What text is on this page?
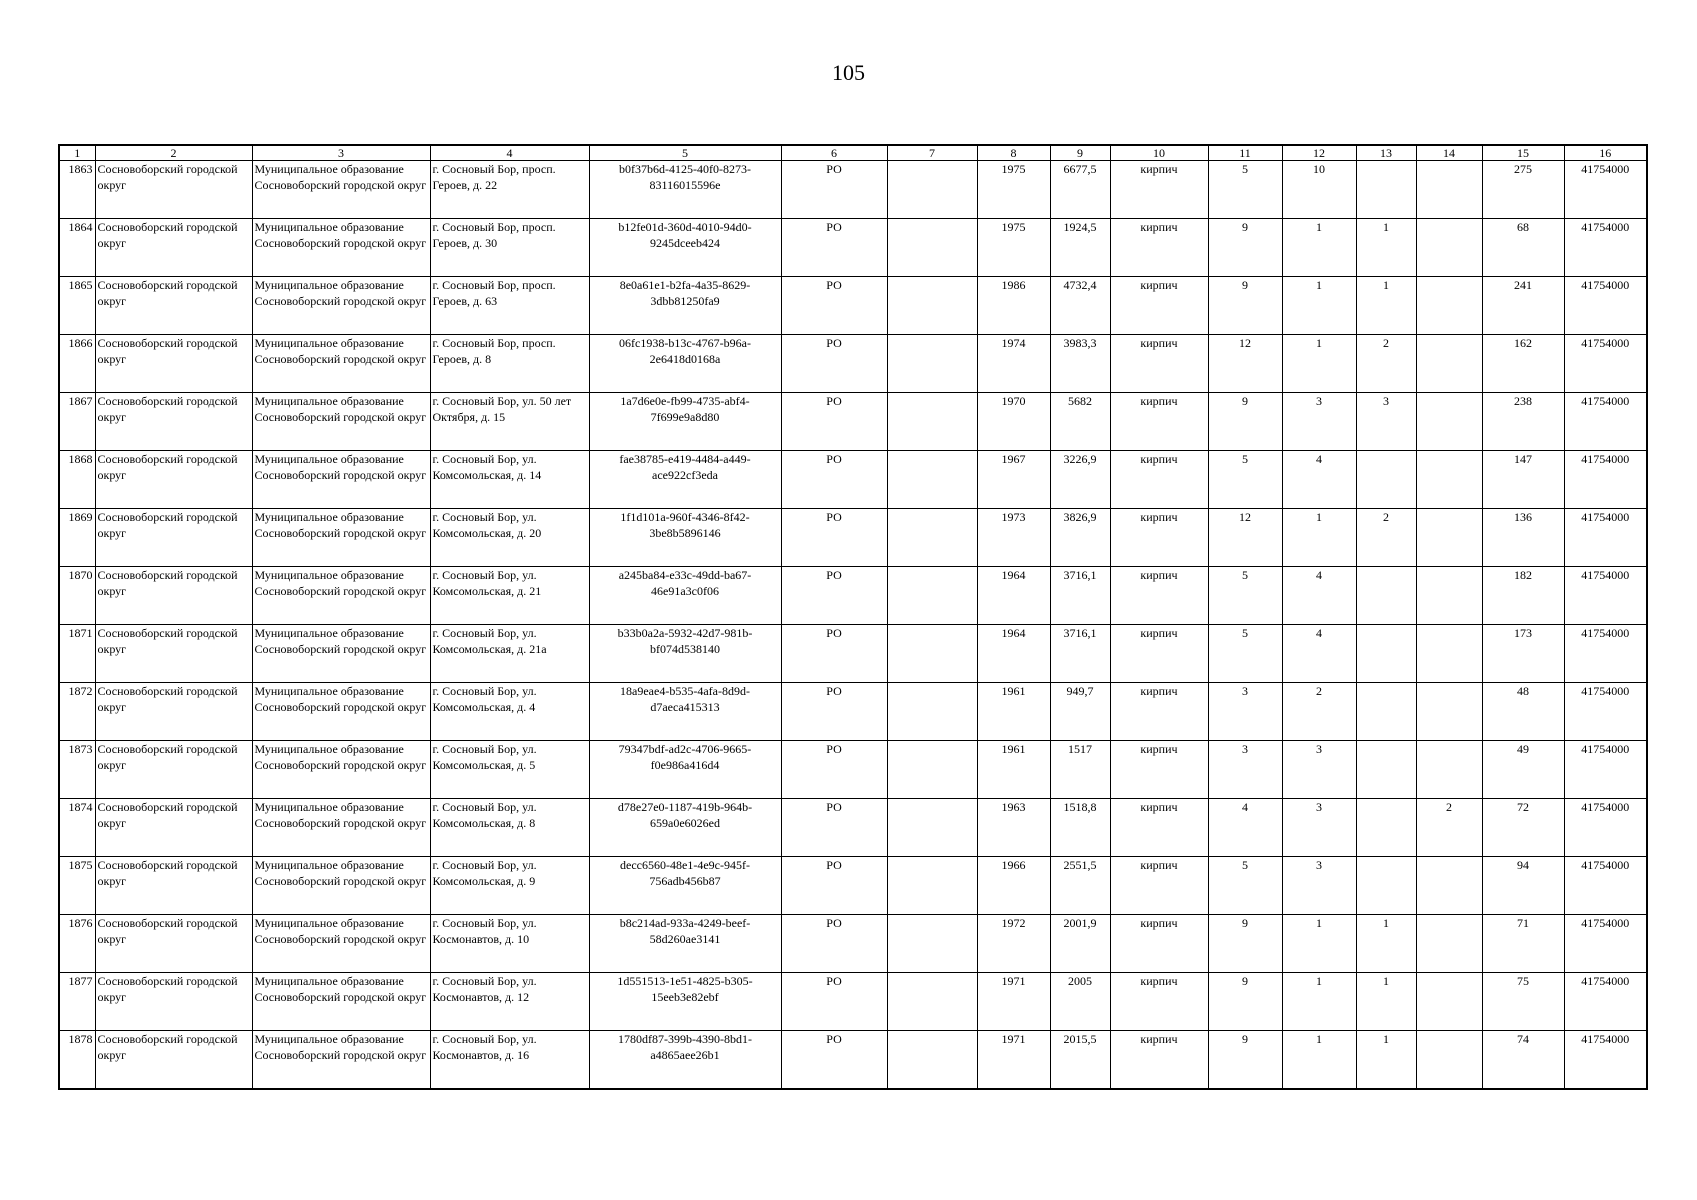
105
1	2	3	4	5	6	7	8	9	10	11	12	13	14	15	16
1863	Сосновоборский городской округ	Муниципальное образование Сосновоборский городской округ	г. Сосновый Бор, просп. Героев, д. 22	b0f37b6d-4125-40f0-8273-83116015596e	РО		1975	6677,5	кирпич	5	10			275	41754000
1864	Сосновоборский городской округ	Муниципальное образование Сосновоборский городской округ	г. Сосновый Бор, просп. Героев, д. 30	b12fe01d-360d-4010-94d0-9245dceeb424	РО		1975	1924,5	кирпич	9	1	1		68	41754000
1865	Сосновоборский городской округ	Муниципальное образование Сосновоборский городской округ	г. Сосновый Бор, просп. Героев, д. 63	8e0a61e1-b2fa-4a35-8629-3dbb81250fa9	РО		1986	4732,4	кирпич	9	1	1		241	41754000
1866	Сосновоборский городской округ	Муниципальное образование Сосновоборский городской округ	г. Сосновый Бор, просп. Героев, д. 8	06fc1938-b13c-4767-b96a-2e6418d0168a	РО		1974	3983,3	кирпич	12	1	2		162	41754000
1867	Сосновоборский городской округ	Муниципальное образование Сосновоборский городской округ	г. Сосновый Бор, ул. 50 лет Октября, д. 15	1a7d6e0e-fb99-4735-abf4-7f699e9a8d80	РО		1970	5682	кирпич	9	3	3		238	41754000
1868	Сосновоборский городской округ	Муниципальное образование Сосновоборский городской округ	г. Сосновый Бор, ул. Комсомольская, д. 14	fae38785-e419-4484-a449-ace922cf3eda	РО		1967	3226,9	кирпич	5	4			147	41754000
1869	Сосновоборский городской округ	Муниципальное образование Сосновоборский городской округ	г. Сосновый Бор, ул. Комсомольская, д. 20	1f1d101a-960f-4346-8f42-3be8b5896146	РО		1973	3826,9	кирпич	12	1	2		136	41754000
1870	Сосновоборский городской округ	Муниципальное образование Сосновоборский городской округ	г. Сосновый Бор, ул. Комсомольская, д. 21	a245ba84-e33c-49dd-ba67-46e91a3c0f06	РО		1964	3716,1	кирпич	5	4			182	41754000
1871	Сосновоборский городской округ	Муниципальное образование Сосновоборский городской округ	г. Сосновый Бор, ул. Комсомольская, д. 21а	b33b0a2a-5932-42d7-981b-bf074d538140	РО		1964	3716,1	кирпич	5	4			173	41754000
1872	Сосновоборский городской округ	Муниципальное образование Сосновоборский городской округ	г. Сосновый Бор, ул. Комсомольская, д. 4	18a9eae4-b535-4afa-8d9d-d7aeca415313	РО		1961	949,7	кирпич	3	2			48	41754000
1873	Сосновоборский городской округ	Муниципальное образование Сосновоборский городской округ	г. Сосновый Бор, ул. Комсомольская, д. 5	79347bdf-ad2c-4706-9665-f0e986a416d4	РО		1961	1517	кирпич	3	3			49	41754000
1874	Сосновоборский городской округ	Муниципальное образование Сосновоборский городской округ	г. Сосновый Бор, ул. Комсомольская, д. 8	d78e27e0-1187-419b-964b-659a0e6026ed	РО		1963	1518,8	кирпич	4	3		2	72	41754000
1875	Сосновоборский городской округ	Муниципальное образование Сосновоборский городской округ	г. Сосновый Бор, ул. Комсомольская, д. 9	decc6560-48e1-4e9c-945f-756adb456b87	РО		1966	2551,5	кирпич	5	3			94	41754000
1876	Сосновоборский городской округ	Муниципальное образование Сосновоборский городской округ	г. Сосновый Бор, ул. Космонавтов, д. 10	b8c214ad-933a-4249-beef-58d260ae3141	РО		1972	2001,9	кирпич	9	1	1		71	41754000
1877	Сосновоборский городской округ	Муниципальное образование Сосновоборский городской округ	г. Сосновый Бор, ул. Космонавтов, д. 12	1d551513-1e51-4825-b305-15eeb3e82ebf	РО		1971	2005	кирпич	9	1	1		75	41754000
1878	Сосновоборский городской округ	Муниципальное образование Сосновоборский городской округ	г. Сосновый Бор, ул. Космонавтов, д. 16	1780df87-399b-4390-8bd1-a4865aee26b1	РО		1971	2015,5	кирпич	9	1	1		74	41754000
